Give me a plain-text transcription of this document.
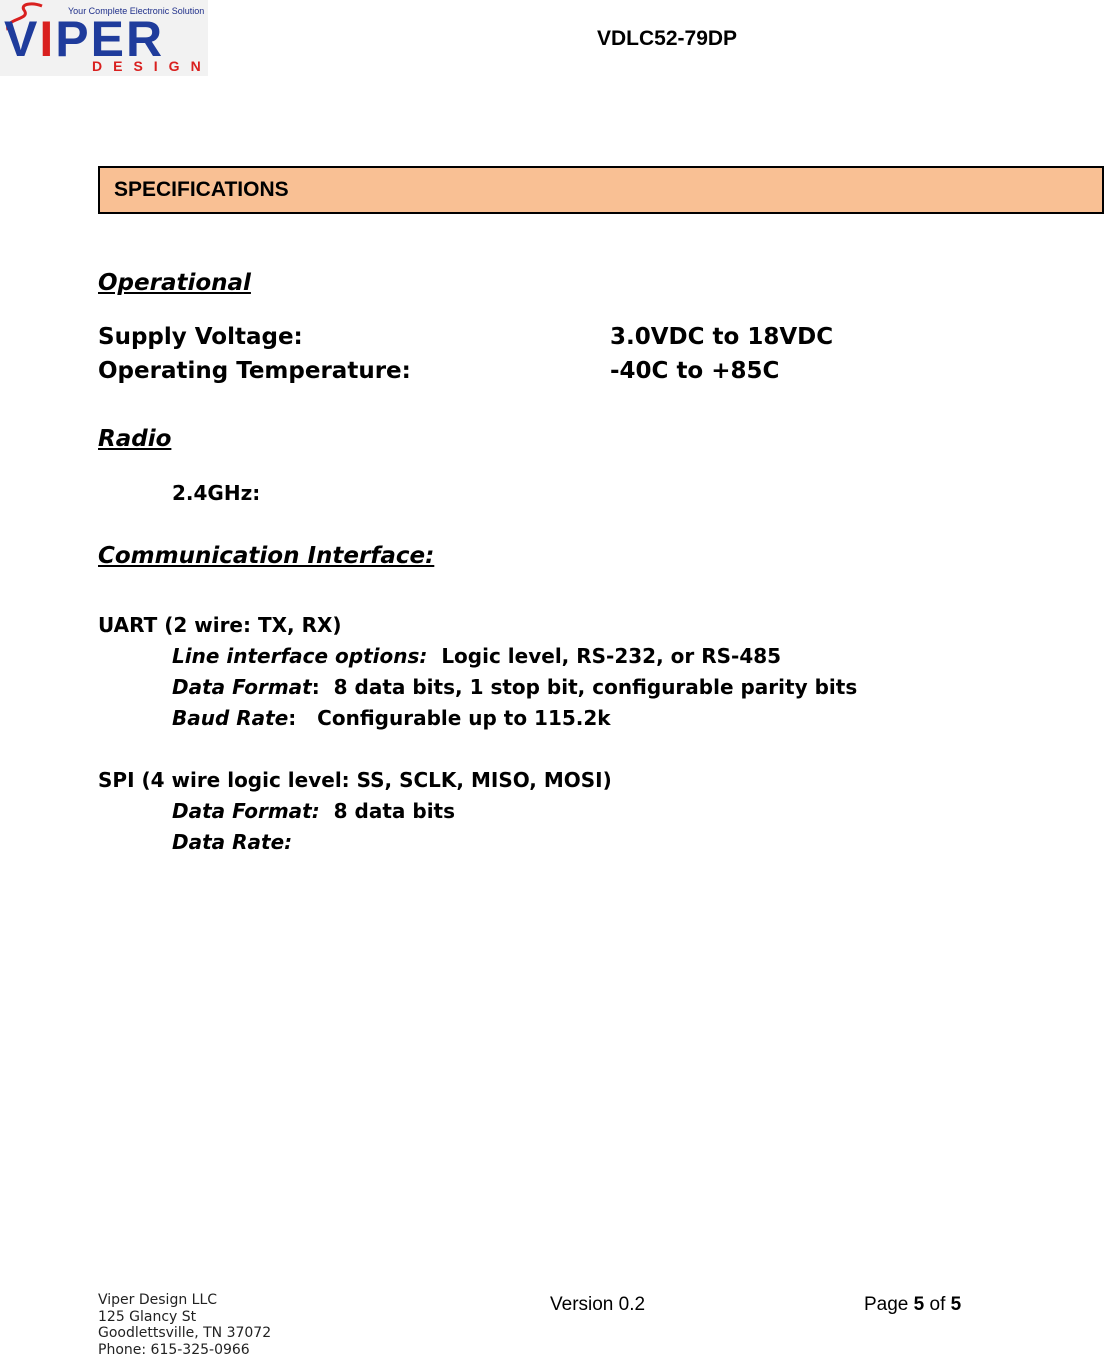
Your Complete Electronic Solution
VIPER
DESIGN
VDLC52-79DP
SPECIFICATIONS
Operational
Supply Voltage:	3.0VDC to 18VDC
Operating Temperature:	-40C to +85C
Radio
2.4GHz:
Communication Interface:
UART (2 wire: TX, RX)
Line interface options:  Logic level, RS-232, or RS-485
Data Format:  8 data bits, 1 stop bit, configurable parity bits
Baud Rate:   Configurable up to 115.2k
SPI (4 wire logic level: SS, SCLK, MISO, MOSI)
Data Format:  8 data bits
Data Rate:
Viper Design LLC
125 Glancy St
Goodlettsville, TN 37072
Phone: 615-325-0966
Version 0.2	Page 5 of 5
